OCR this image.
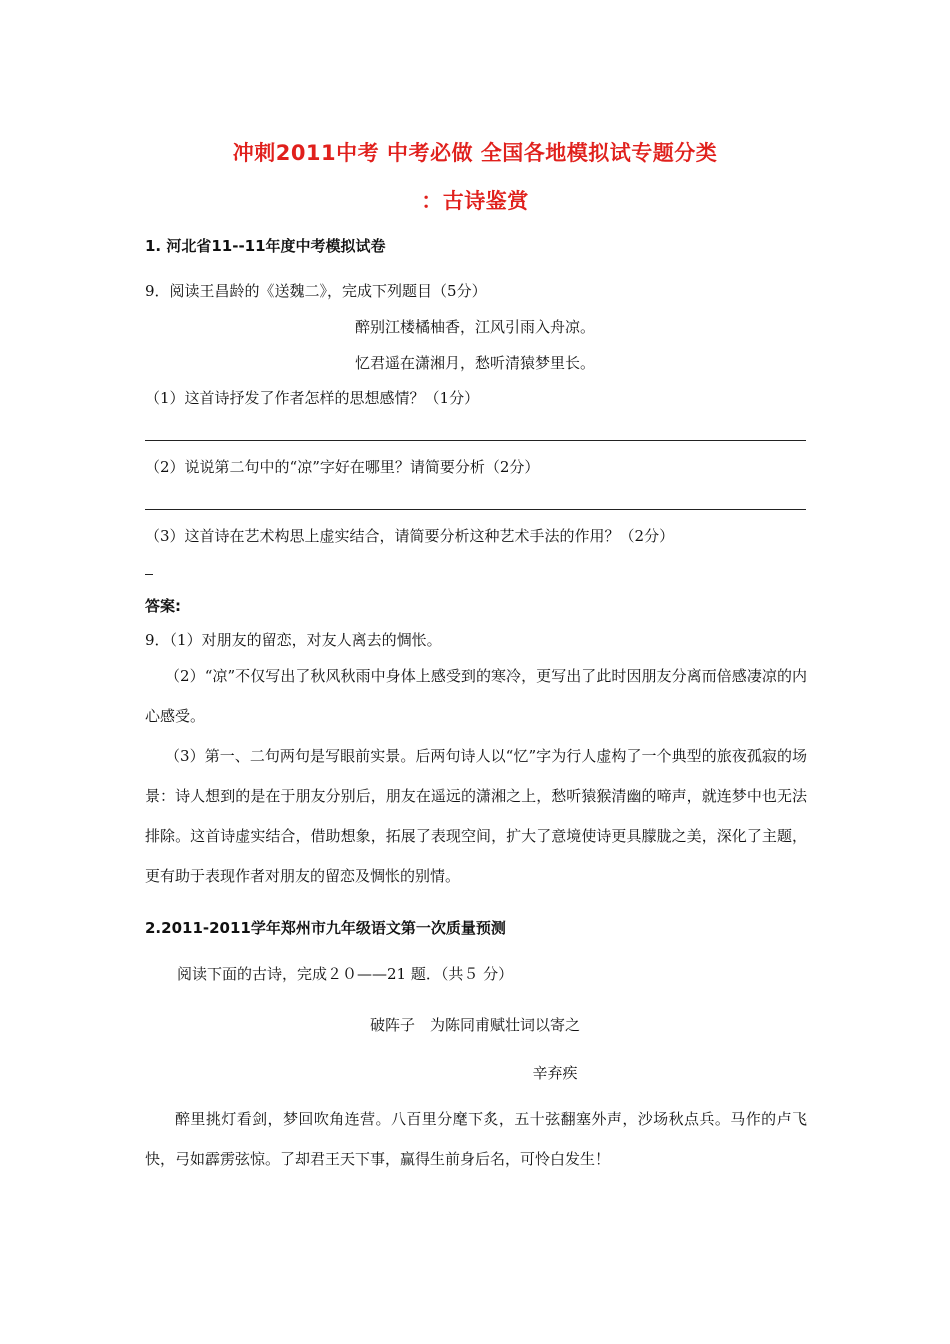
冲刺2011中考 中考必做 全国各地模拟试专题分类
：古诗鉴赏
1. 河北省11--11年度中考模拟试卷
9．阅读王昌龄的《送魏二》，完成下列题目（5分）
醉别江楼橘柚香，江风引雨入舟凉。
忆君遥在潇湘月，愁听清猿梦里长。
（1）这首诗抒发了作者怎样的思想感情？（1分）
（2）说说第二句中的“凉”字好在哪里？请简要分析（2分）
（3）这首诗在艺术构思上虚实结合，请简要分析这种艺术手法的作用？（2分）
答案:
9．（1）对朋友的留恋，对友人离去的惆怅。
（2）“凉”不仅写出了秋风秋雨中身体上感受到的寒冷，更写出了此时因朋友分离而倍感凄凉的内心感受。
（3）第一、二句两句是写眼前实景。后两句诗人以“忆”字为行人虚构了一个典型的旅夜孤寂的场景：诗人想到的是在于朋友分别后，朋友在遥远的潇湘之上，愁听猿猴清幽的啼声，就连梦中也无法排除。这首诗虚实结合，借助想象，拓展了表现空间，扩大了意境使诗更具朦胧之美，深化了主题，更有助于表现作者对朋友的留恋及惆怅的别情。
2.2011-2011学年郑州市九年级语文第一次质量预测
阅读下面的古诗，完成２０——21 题．（共５ 分）
破阵子　为陈同甫赋壮词以寄之
辛弃疾
醉里挑灯看剑，梦回吹角连营。八百里分麾下炙，五十弦翻塞外声，沙场秋点兵。马作的卢飞快，弓如霹雳弦惊。了却君王天下事，赢得生前身后名，可怜白发生！
